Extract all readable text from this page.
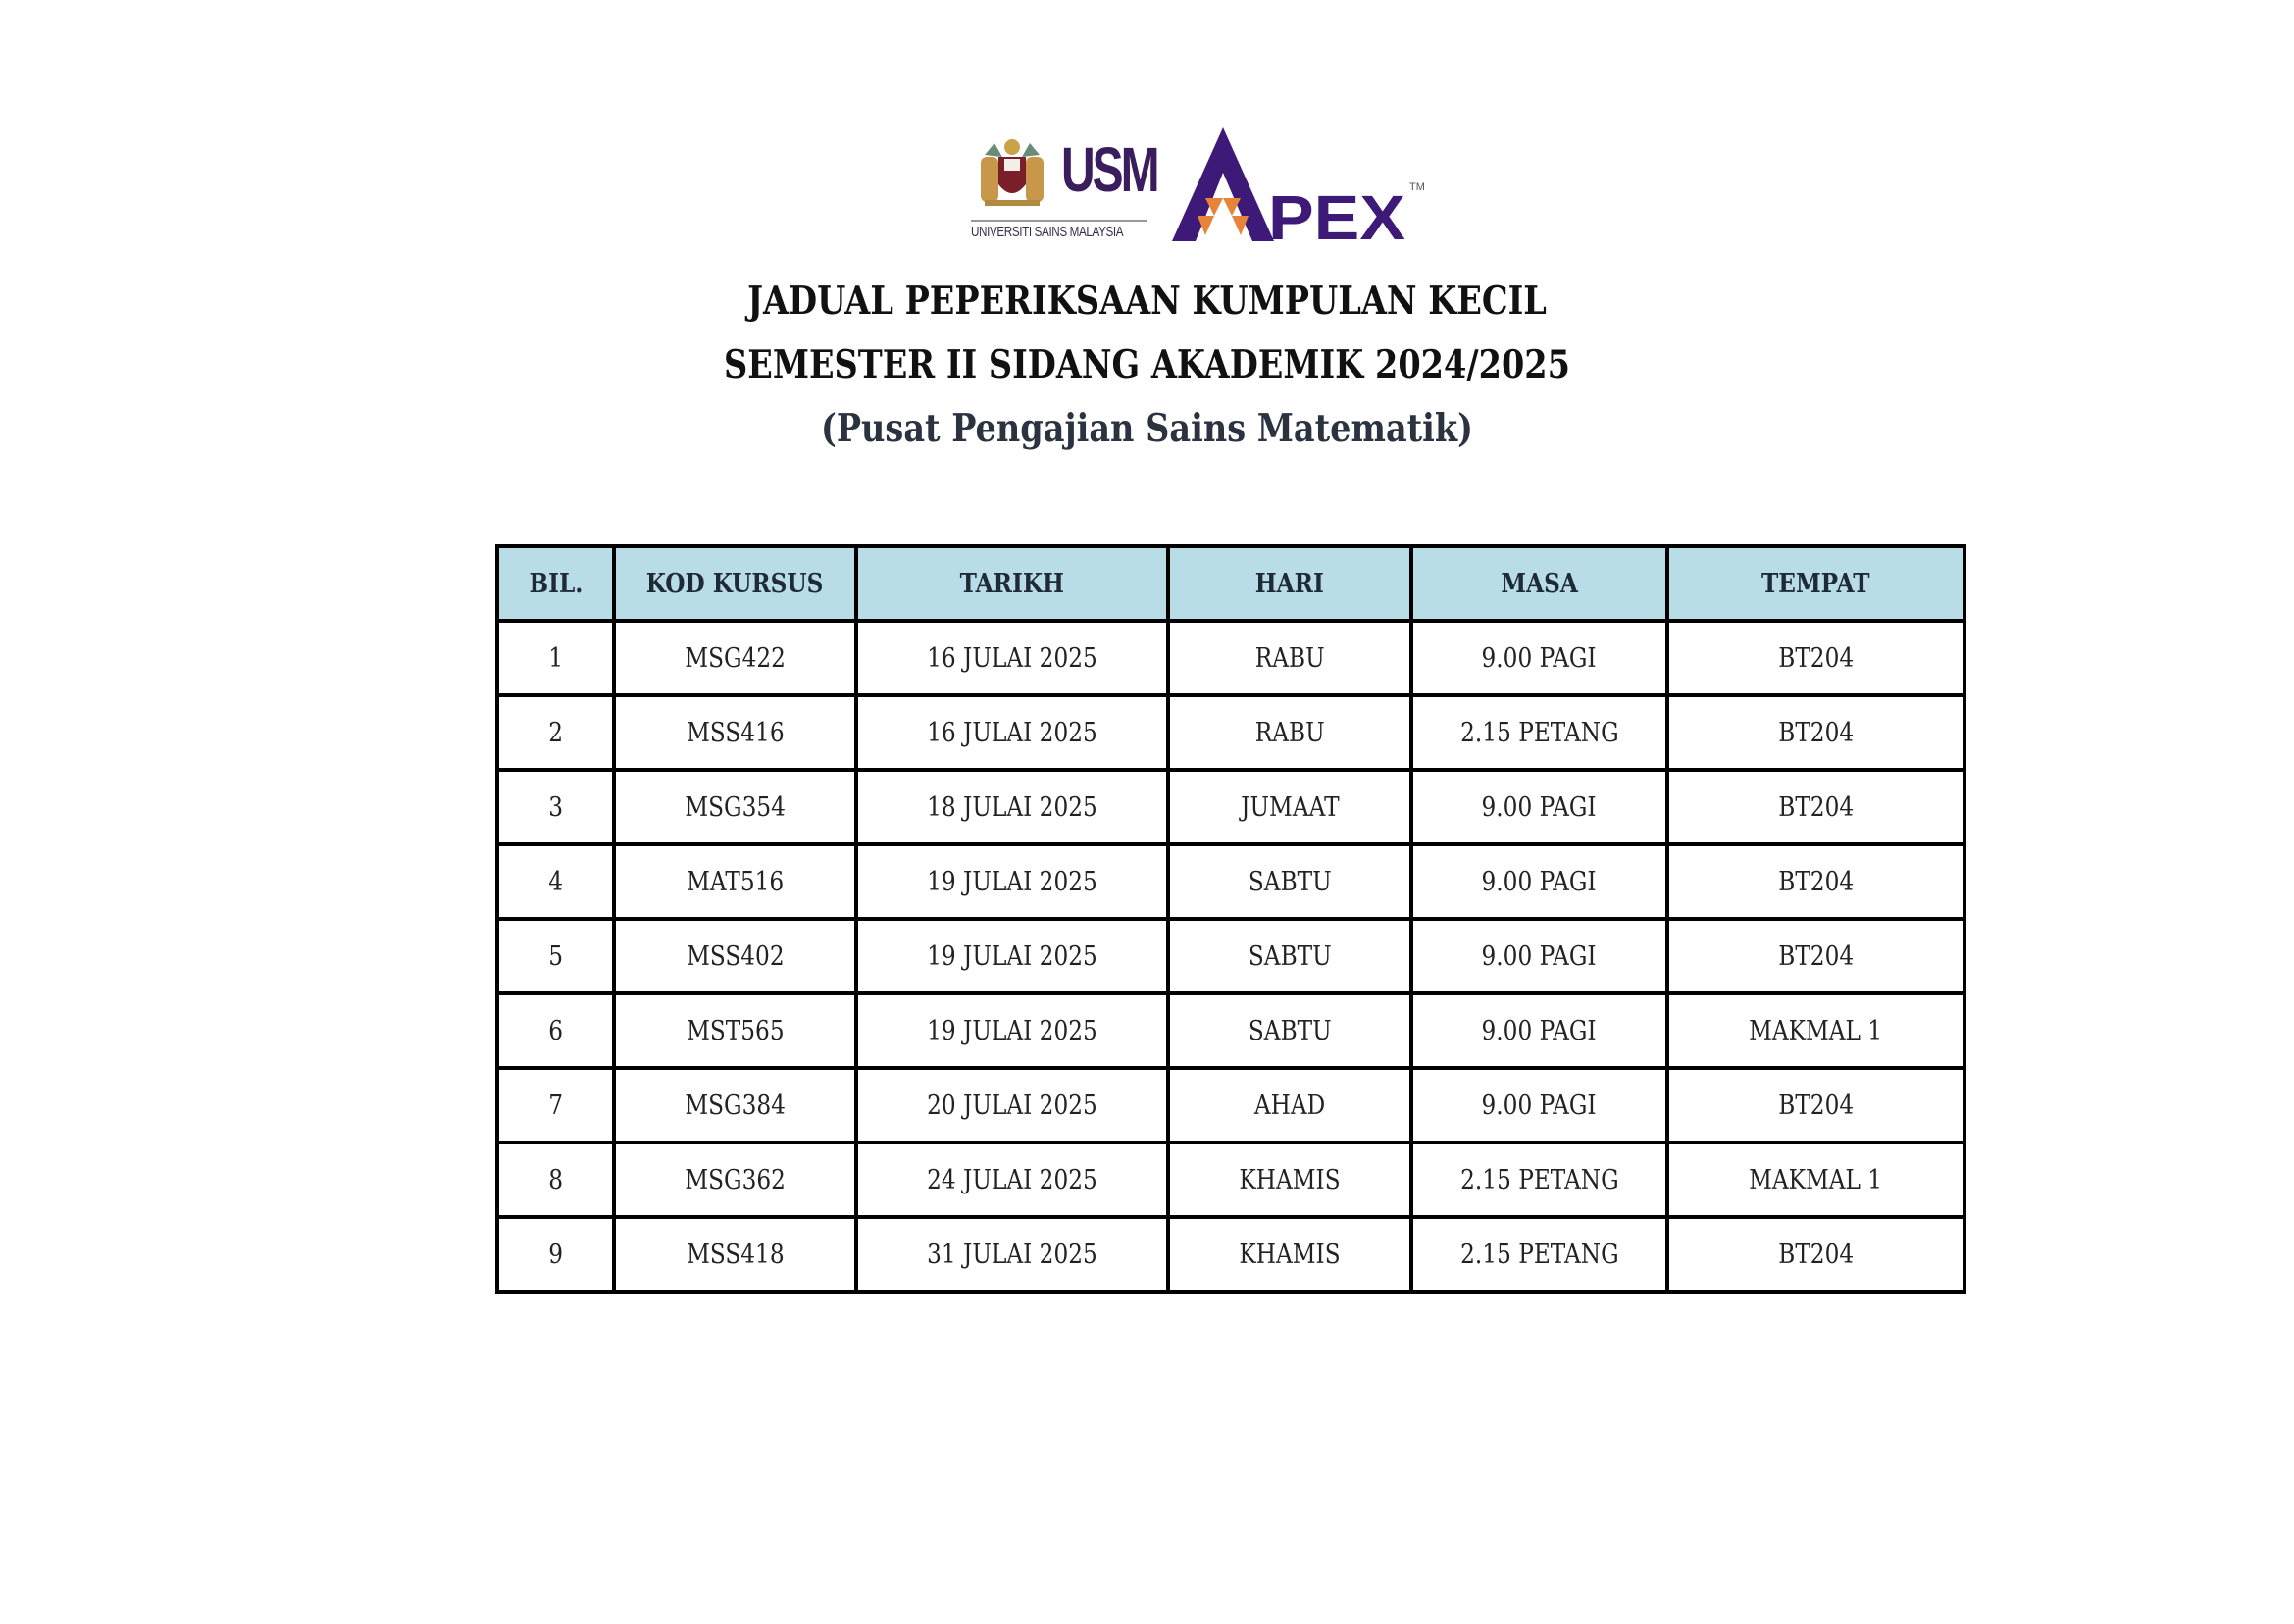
USM
UNIVERSITI SAINS MALAYSIA PEX TM
JADUAL PEPERIKSAAN KUMPULAN KECIL
SEMESTER II SIDANG AKADEMIK 2024/2025
(Pusat Pengajian Sains Matematik)
BIL.	KOD KURSUS	TARIKH	HARI	MASA	TEMPAT
1	MSG422	16 JULAI 2025	RABU	9.00 PAGI	BT204
2	MSS416	16 JULAI 2025	RABU	2.15 PETANG	BT204
3	MSG354	18 JULAI 2025	JUMAAT	9.00 PAGI	BT204
4	MAT516	19 JULAI 2025	SABTU	9.00 PAGI	BT204
5	MSS402	19 JULAI 2025	SABTU	9.00 PAGI	BT204
6	MST565	19 JULAI 2025	SABTU	9.00 PAGI	MAKMAL 1
7	MSG384	20 JULAI 2025	AHAD	9.00 PAGI	BT204
8	MSG362	24 JULAI 2025	KHAMIS	2.15 PETANG	MAKMAL 1
9	MSS418	31 JULAI 2025	KHAMIS	2.15 PETANG	BT204
